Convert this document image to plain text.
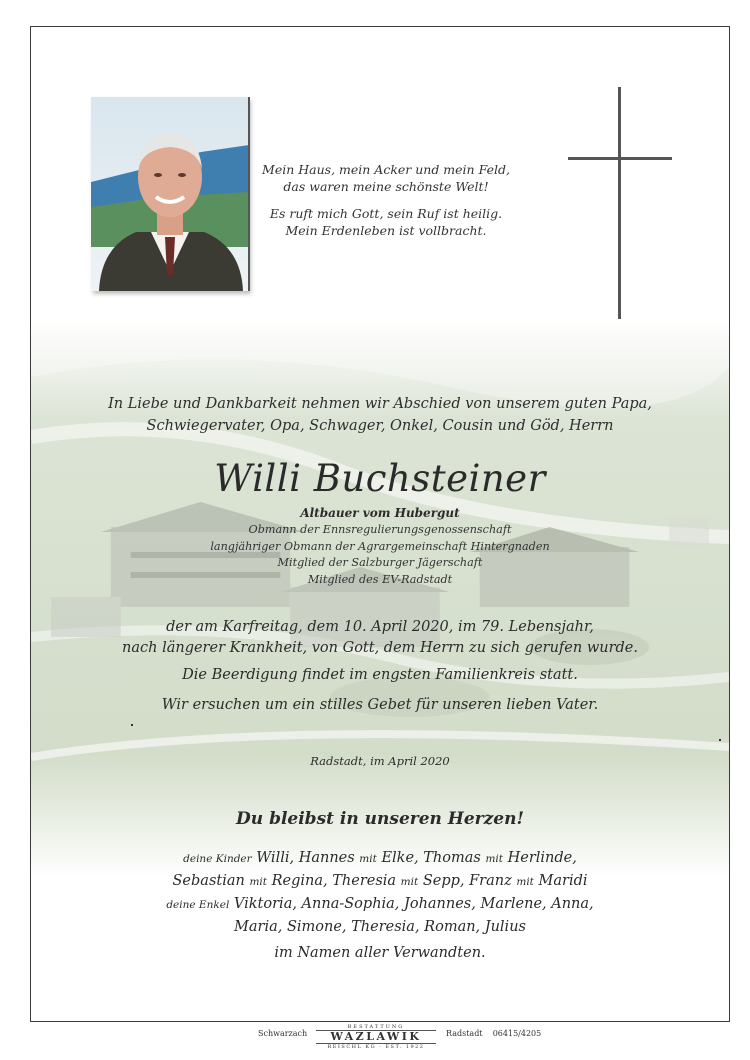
Mein Haus, mein Acker und mein Feld,
das waren meine schönste Welt!
Es ruft mich Gott, sein Ruf ist heilig.
Mein Erdenleben ist vollbracht.
In Liebe und Dankbarkeit nehmen wir Abschied von unserem guten Papa,
Schwiegervater, Opa, Schwager, Onkel, Cousin und Göd, Herrn
Willi Buchsteiner
Altbauer vom Hubergut
Obmann der Ennsregulierungsgenossenschaft
langjähriger Obmann der Agrargemeinschaft Hintergnaden
Mitglied der Salzburger Jägerschaft
Mitglied des EV-Radstadt
der am Karfreitag, dem 10. April 2020, im 79. Lebensjahr,
nach längerer Krankheit, von Gott, dem Herrn zu sich gerufen wurde.
Die Beerdigung findet im engsten Familienkreis statt.
Wir ersuchen um ein stilles Gebet für unseren lieben Vater.
Radstadt, im April 2020
Du bleibst in unseren Herzen!
deine Kinder Willi, Hannes mit Elke, Thomas mit Herlinde,
Sebastian mit Regina, Theresia mit Sepp, Franz mit Maridi
deine Enkel Viktoria, Anna-Sophia, Johannes, Marlene, Anna,
Maria, Simone, Theresia, Roman, Julius
im Namen aller Verwandten.
Schwarzach
BESTATTUNG
WAZLAWIK
REISCHL KG · EST. 1922
Radstadt 06415/4205
